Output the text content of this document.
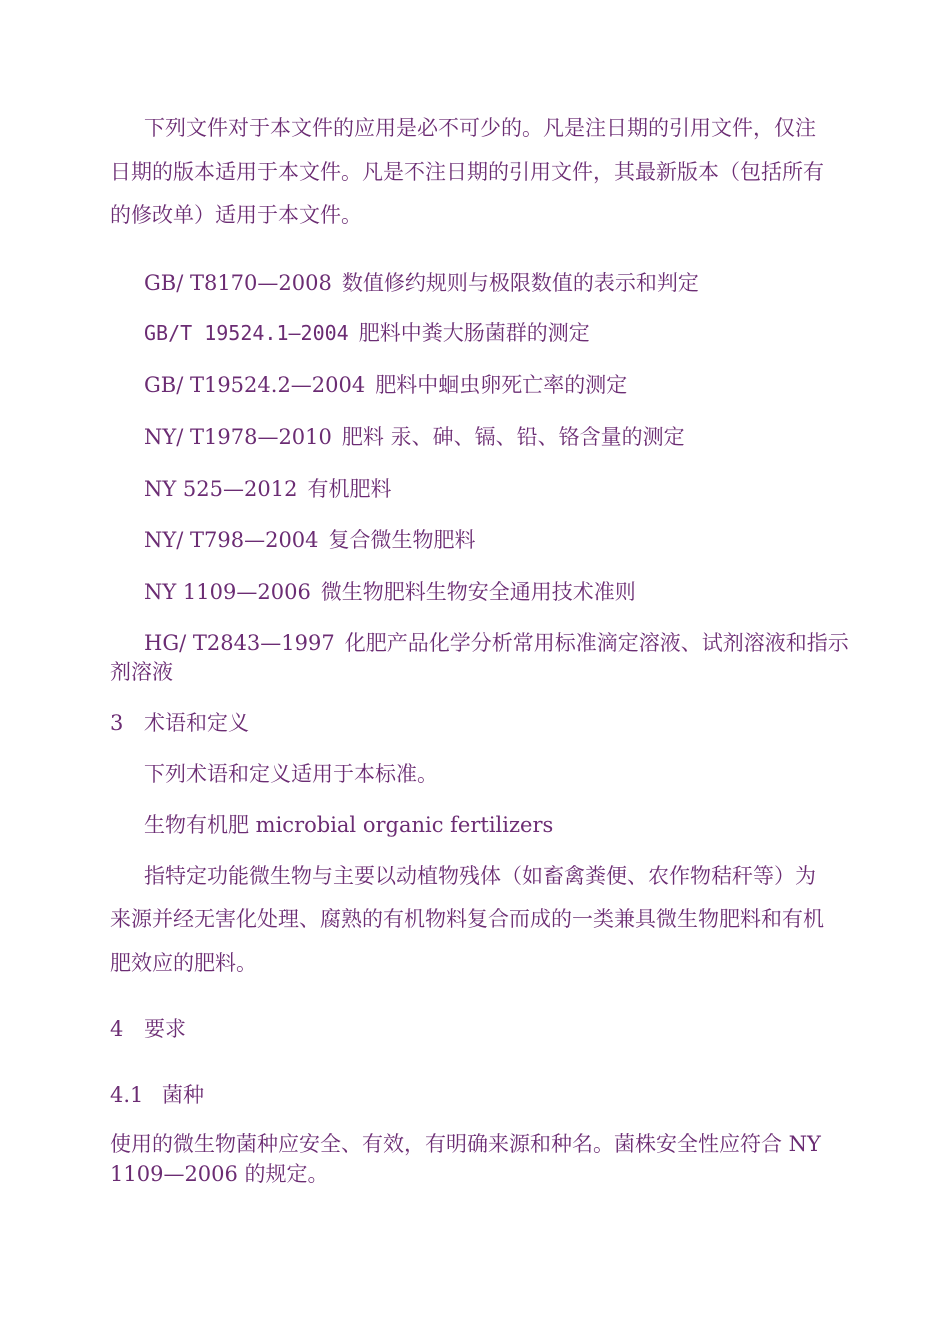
下列文件对于本文件的应用是必不可少的。凡是注日期的引用文件，仅注
日期的版本适用于本文件。凡是不注日期的引用文件，其最新版本（包括所有
的修改单）适用于本文件。
GB/ T8170—2008 数值修约规则与极限数值的表示和判定
GB/T 19524.1—2004 肥料中粪大肠菌群的测定
GB/ T19524.2—2004 肥料中蛔虫卵死亡率的测定
NY/ T1978—2010 肥料 汞、砷、镉、铅、铬含量的测定
NY 525—2012 有机肥料
NY/ T798—2004 复合微生物肥料
NY 1109—2006 微生物肥料生物安全通用技术准则
HG/ T2843—1997 化肥产品化学分析常用标准滴定溶液、试剂溶液和指示
剂溶液
3 术语和定义
下列术语和定义适用于本标准。
生物有机肥 microbial organic fertilizers
指特定功能微生物与主要以动植物残体（如畜禽粪便、农作物秸秆等）为
来源并经无害化处理、腐熟的有机物料复合而成的一类兼具微生物肥料和有机
肥效应的肥料。
4 要求
4.1 菌种
使用的微生物菌种应安全、有效，有明确来源和种名。菌株安全性应符合 NY
1109—2006 的规定。
